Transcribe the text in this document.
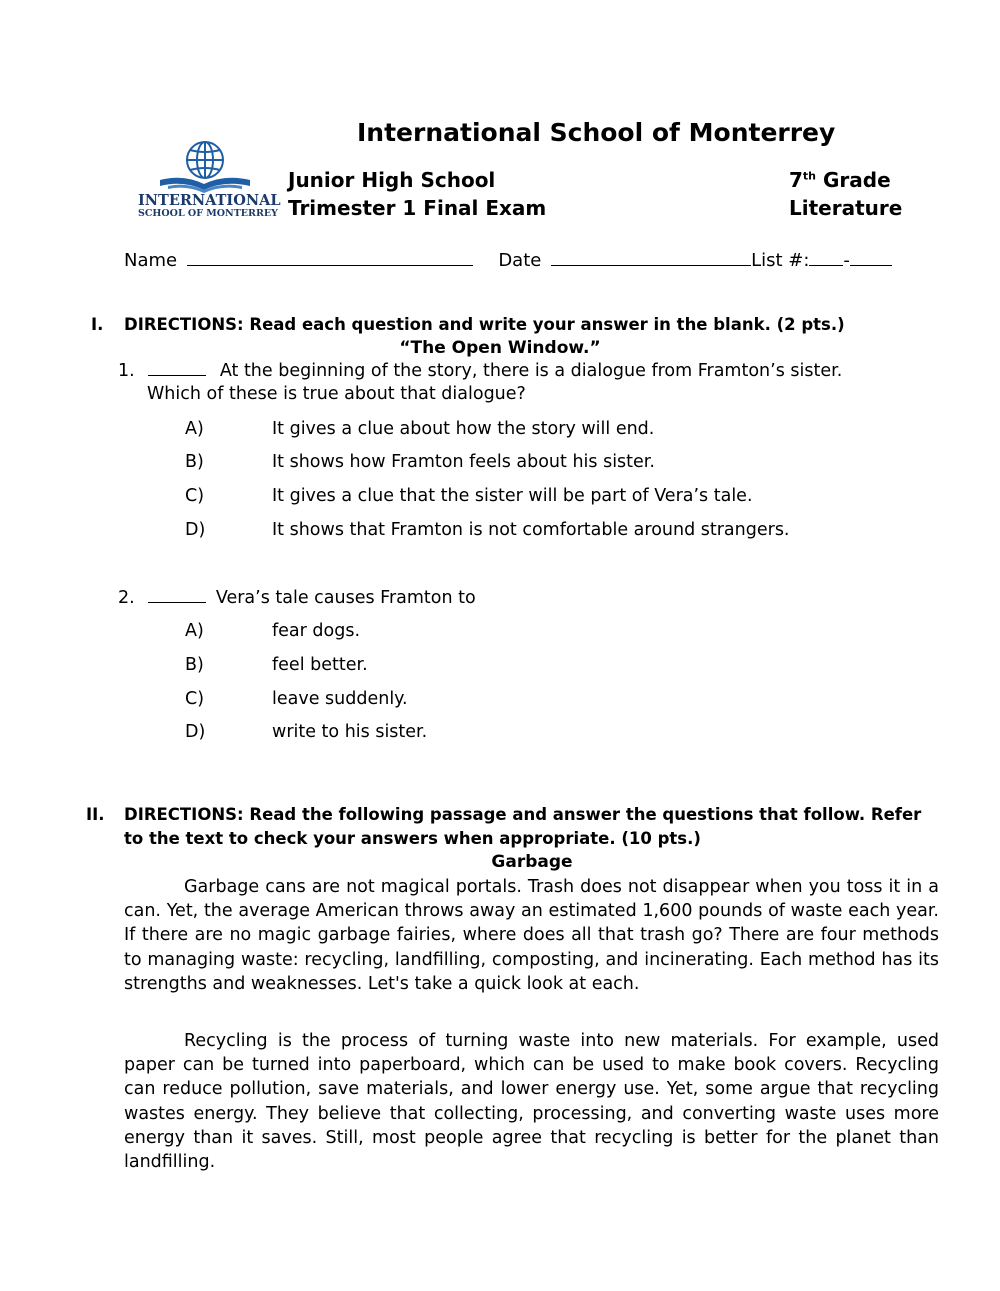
INTERNATIONAL
SCHOOL OF MONTERREY
International School of Monterrey
Junior High School
Trimester 1 Final Exam
7th Grade
Literature
Name	Date	List #: -
I. DIRECTIONS: Read each question and write your answer in the blank. (2 pts.)
“The Open Window.”
1.	At the beginning of the story, there is a dialogue from Framton’s sister.
Which of these is true about that dialogue?
A)	It gives a clue about how the story will end.
B)	It shows how Framton feels about his sister.
C)	It gives a clue that the sister will be part of Vera’s tale.
D)	It shows that Framton is not comfortable around strangers.
2.	Vera’s tale causes Framton to
A)	fear dogs.
B)	feel better.
C)	leave suddenly.
D)	write to his sister.
II. DIRECTIONS: Read the following passage and answer the questions that follow. Refer
to the text to check your answers when appropriate. (10 pts.)
Garbage
Garbage cans are not magical portals. Trash does not disappear when you toss it in a can. Yet, the average American throws away an estimated 1,600 pounds of waste each year. If there are no magic garbage fairies, where does all that trash go? There are four methods to managing waste: recycling, landfilling, composting, and incinerating. Each method has its strengths and weaknesses. Let's take a quick look at each.
Recycling is the process of turning waste into new materials. For example, used paper can be turned into paperboard, which can be used to make book covers. Recycling can reduce pollution, save materials, and lower energy use. Yet, some argue that recycling wastes energy. They believe that collecting, processing, and converting waste uses more energy than it saves. Still, most people agree that recycling is better for the planet than landfilling.
